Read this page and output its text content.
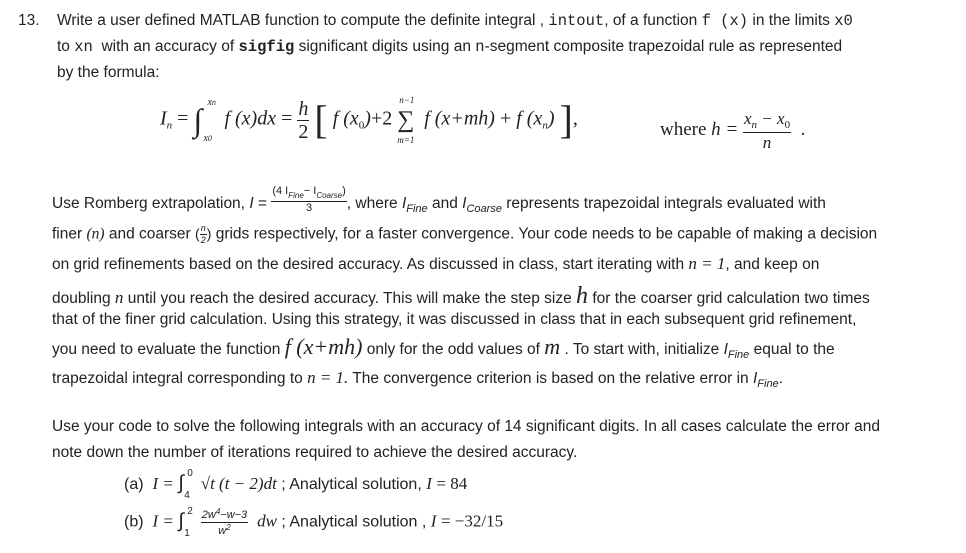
13. Write a user defined MATLAB function to compute the definite integral , intout, of a function f (x) in the limits x0
to xn with an accuracy of sigfig significant digits using an n-segment composite trapezoidal rule as represented
by the formula:
$I_n$ = ∫ xn
x0
f $(x)dx = \frac{h}{2}$ [ f $(x_0)+2$ ∑
n−1
m=1
f (x+mh) + f $(x_n)$ ],	where $h = \frac{x_n - x_0}{n}$ .
Use Romberg extrapolation, $I = \frac{(4 I_{Fine}- I_{Coarse})}{3}$ , where $I_{Fine}$ and $I_{Coarse}$ represents trapezoidal integrals evaluated with
finer (n) and coarser ( $\frac{n}{2}$ ) grids respectively, for a faster convergence. Your code needs to be capable of making a decision
on grid refinements based on the desired accuracy. As discussed in class, start iterating with n = 1, and keep on
doubling n until you reach the desired accuracy. This will make the step size h for the coarser grid calculation two times
that of the finer grid calculation. Using this strategy, it was discussed in class that in each subsequent grid refinement,
you need to evaluate the function f (x+mh) only for the odd values of m . To start with, initialize $I_{Fine}$ equal to the
trapezoidal integral corresponding to n = 1. The convergence criterion is based on the relative error in $I_{Fine}$.
Use your code to solve the following integrals with an accuracy of 14 significant digits. In all cases calculate the error and
note down the number of iterations required to achieve the desired accuracy.
(a) I = ∫ 0
4
√t (t − 2)dt ; Analytical solution, I = 84
(b) I = ∫ 2
1
$\frac{2w^4-w-3}{w^2}$ dw ; Analytical solution , I = −32/15
